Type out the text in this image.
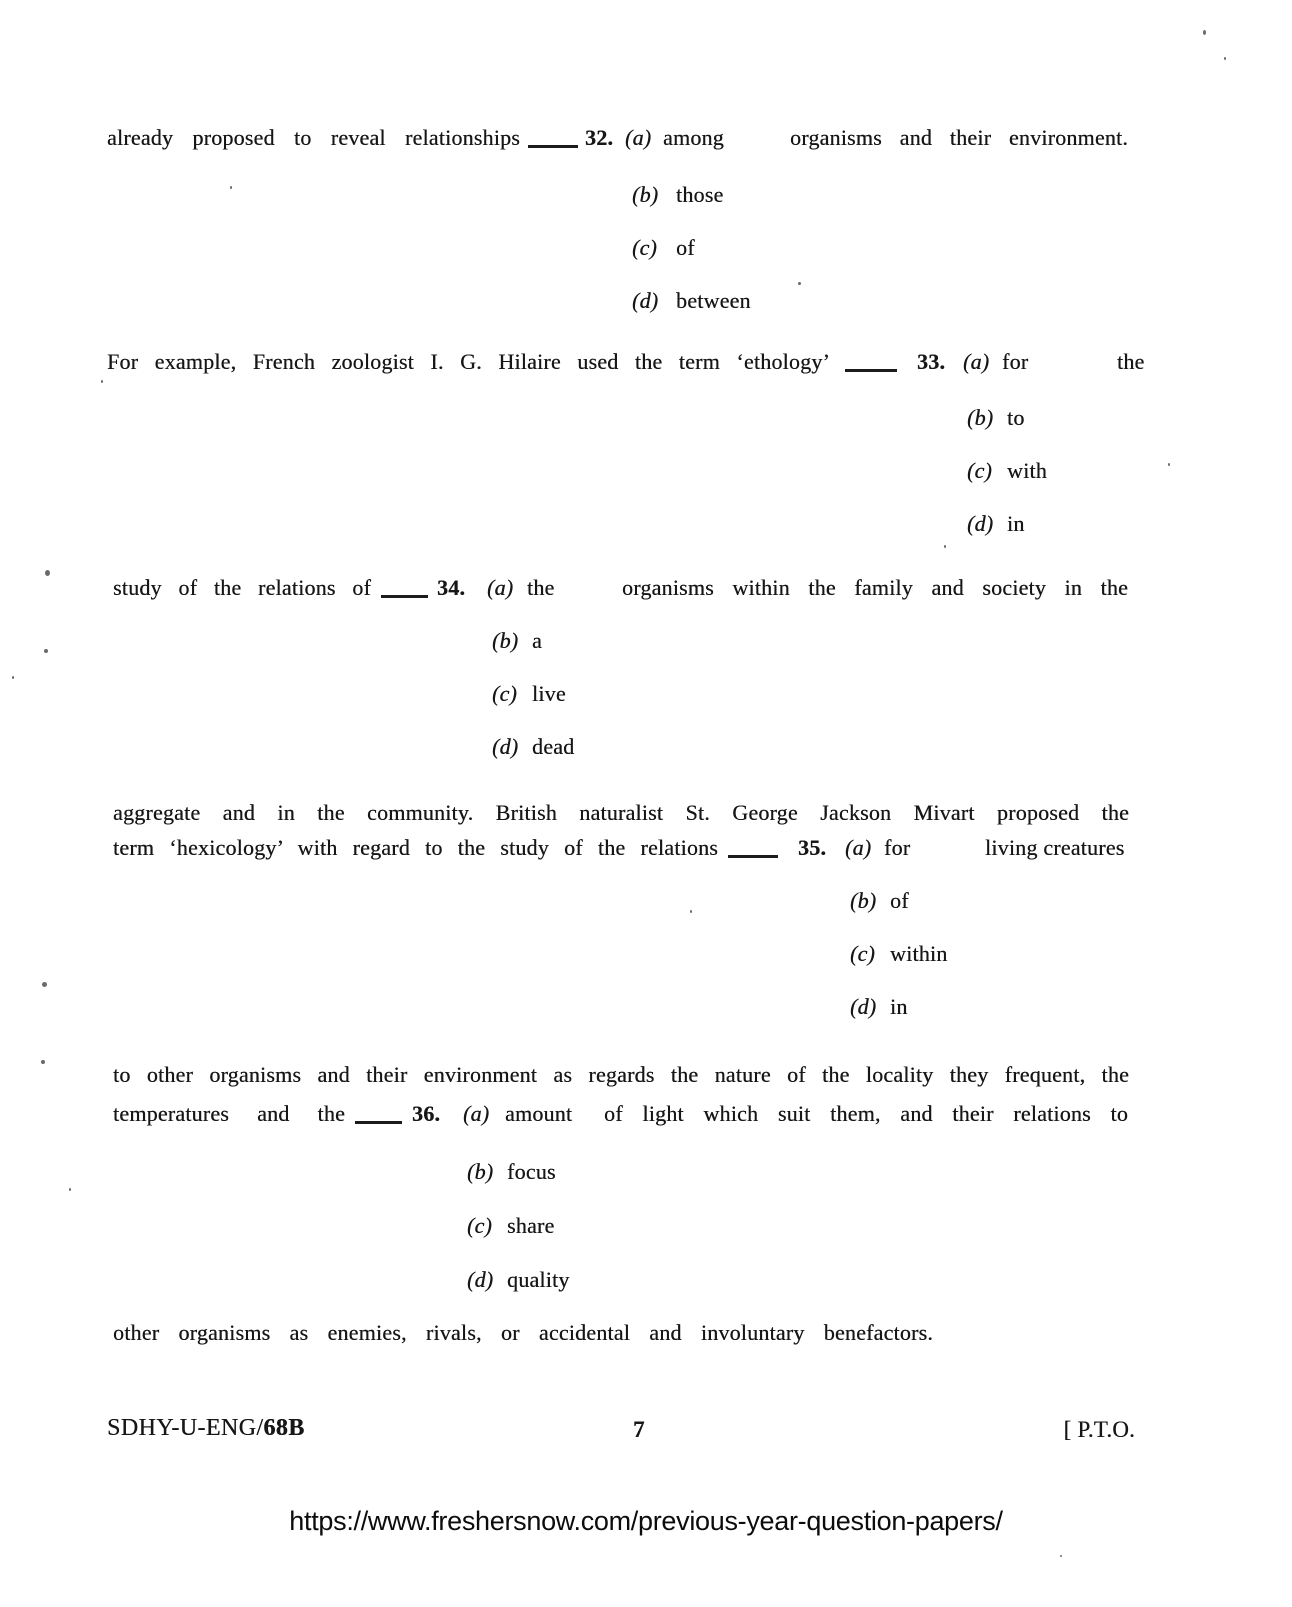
already proposed to reveal relationships	32. (a) among	organisms and their environment.
(b) those
(c) of
(d) between
For example, French zoologist I. G. Hilaire used the term ‘ethology’	33. (a) for	the
(b) to
(c) with
(d) in
study of the relations of	34. (a) the	organisms within the family and society in the
(b) a
(c) live
(d) dead
aggregate and in the community. British naturalist St. George Jackson Mivart proposed the
term ‘hexicology’ with regard to the study of the relations	35. (a) for	living creatures
(b) of
(c) within
(d) in
to other organisms and their environment as regards the nature of the locality they frequent, the
temperatures and the	36. (a) amount of light which suit them, and their relations to
(b) focus
(c) share
(d) quality
other organisms as enemies, rivals, or accidental and involuntary benefactors.
SDHY-U-ENG/68B	7	[ P.T.O.
https://www.freshersnow.com/previous-year-question-papers/
